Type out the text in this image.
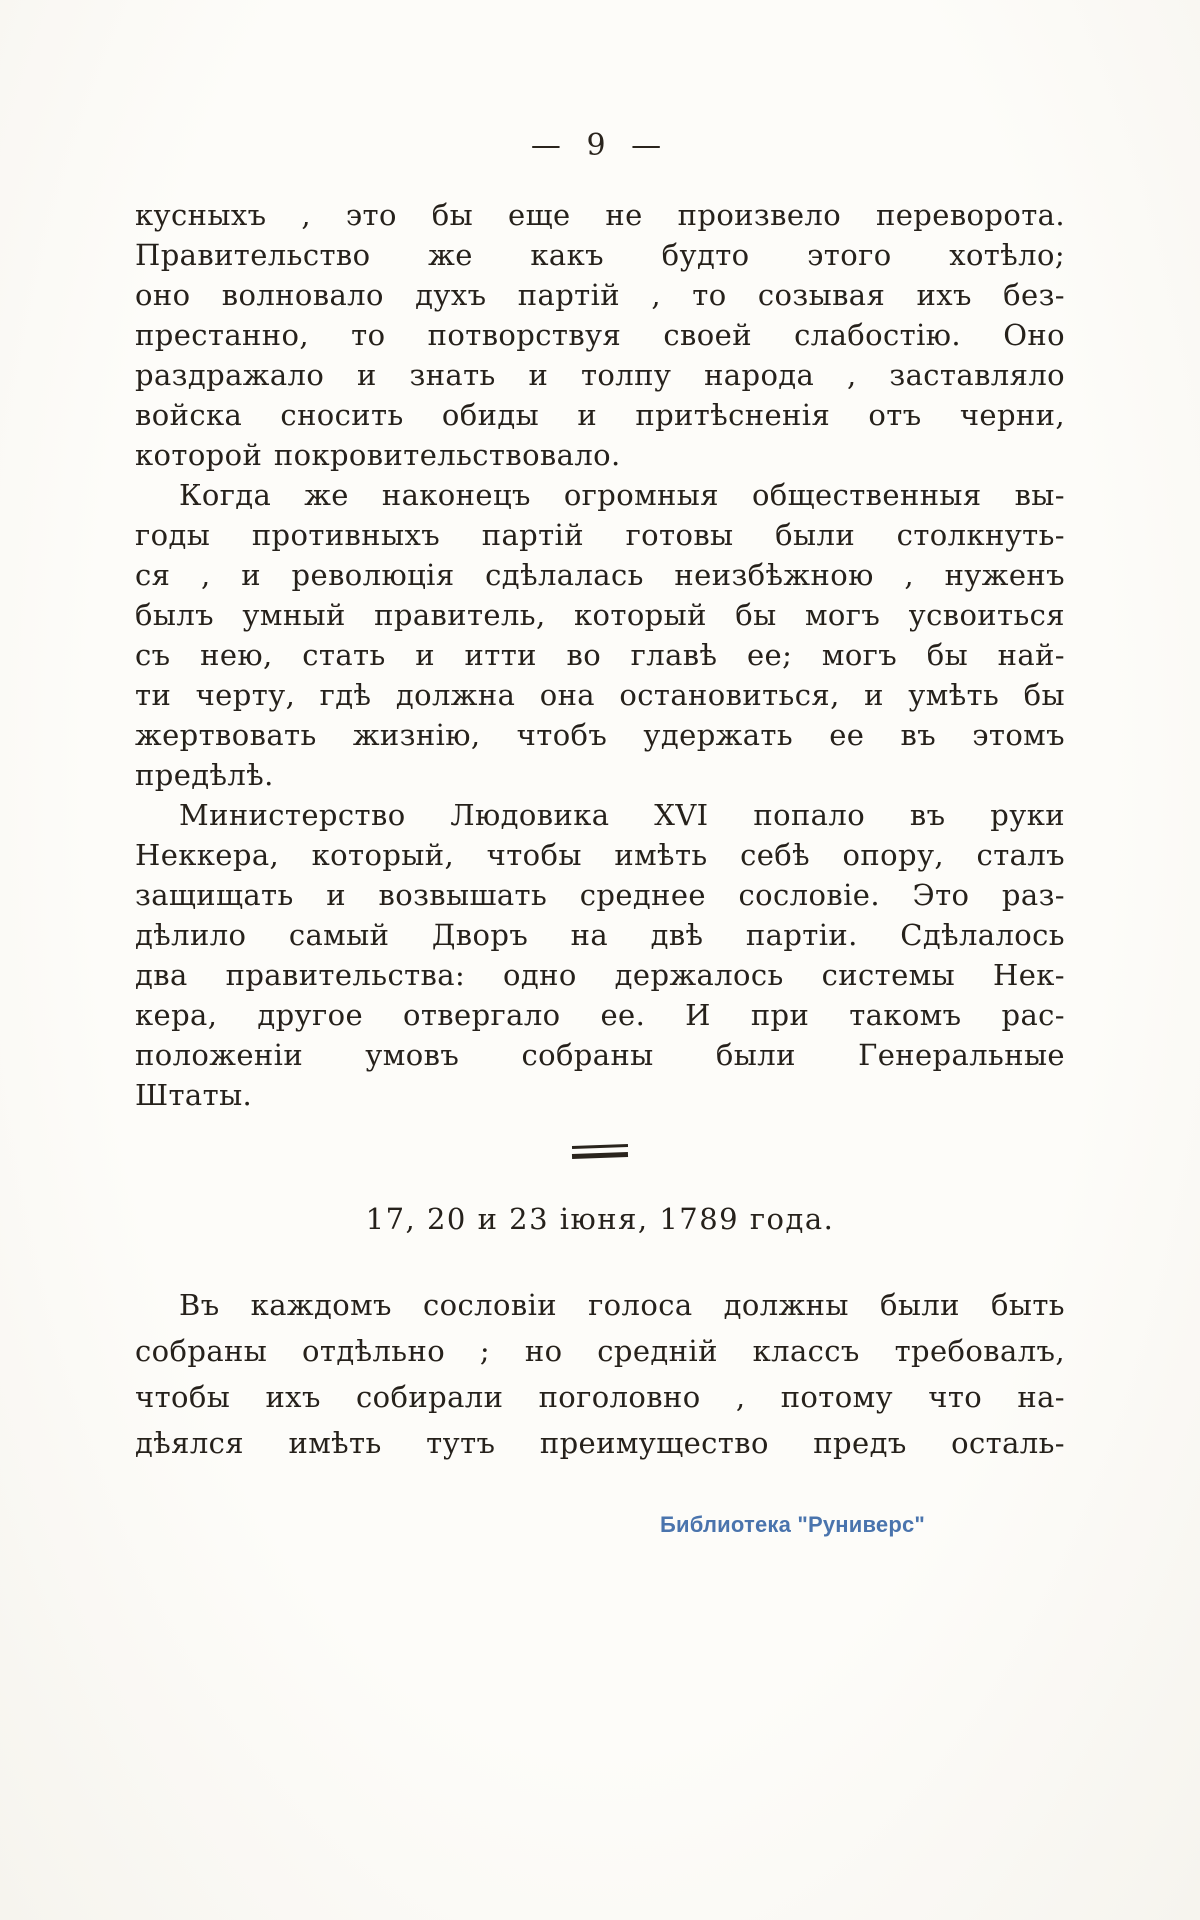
— 9 —
кусныхъ , это бы еще не произвело переворота.
Правительство же какъ будто этого хотѣло;
оно волновало духъ партій , то созывая ихъ без-
престанно, то потворствуя своей слабостію. Оно
раздражало и знать и толпу народа , заставляло
войска сносить обиды и притѣсненія отъ черни,
которой покровительствовало.
Когда же наконецъ огромныя общественныя вы-
годы противныхъ партій готовы были столкнуть-
ся , и революція сдѣлалась неизбѣжною , нуженъ
былъ умный правитель, который бы могъ усвоиться
съ нею, стать и итти во главѣ ее; могъ бы най-
ти черту, гдѣ должна она остановиться, и умѣть бы
жертвовать жизнію, чтобъ удержать ее въ этомъ
предѣлѣ.
Министерство Людовика XVI попало въ руки
Неккера, который, чтобы имѣть себѣ опору, сталъ
защищать и возвышать среднее сословіе. Это раз-
дѣлило самый Дворъ на двѣ партіи. Сдѣлалось
два правительства: одно держалось системы Нек-
кера, другое отвергало ее. И при такомъ рас-
положеніи умовъ собраны были Генеральные
Штаты.
17, 20 и 23 іюня, 1789 года.
Въ каждомъ сословіи голоса должны были быть
собраны отдѣльно ; но средній классъ требовалъ,
чтобы ихъ собирали поголовно , потому что на-
дѣялся имѣть тутъ преимущество предъ осталь-
Библиотека "Руниверс"
